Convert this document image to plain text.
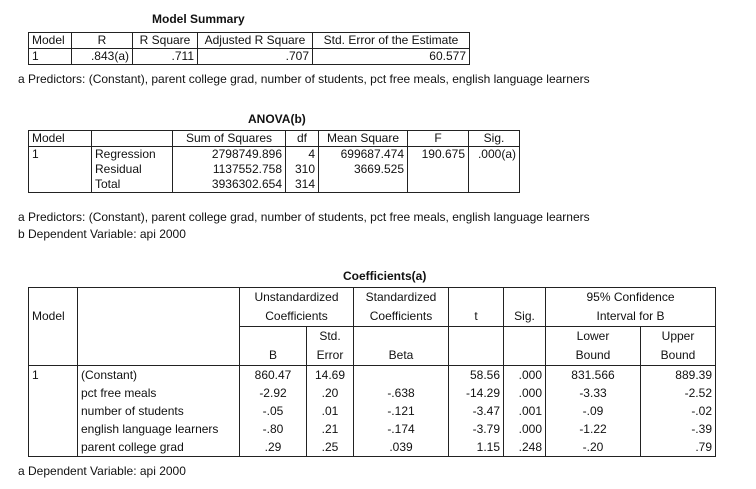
Model Summary
Model	R	R Square	Adjusted R Square	Std. Error of the Estimate
1	.843(a)	.711	.707	60.577
a Predictors: (Constant), parent college grad, number of students, pct free meals, english language learners
ANOVA(b)
Model		Sum of Squares	df	Mean Square	F	Sig.
1	Regression	2798749.896	4	699687.474	190.675	.000(a)
	Residual	1137552.758	310	3669.525		
	Total	3936302.654	314			
a Predictors: (Constant), parent college grad, number of students, pct free meals, english language learners
b Dependent Variable: api 2000
Coefficients(a)
		Unstandardized		Standardized			95% Confidence	
Model		Coefficients		Coefficients	t	Sig.	Interval for B	
			Std.				Lower	Upper
		B	Error	Beta			Bound	Bound
1	(Constant)	860.47	14.69		58.56	.000	831.566	889.39
	pct free meals	-2.92	.20	-.638	-14.29	.000	-3.33	-2.52
	number of students	-.05	.01	-.121	-3.47	.001	-.09	-.02
	english language learners	-.80	.21	-.174	-3.79	.000	-1.22	-.39
	parent college grad	.29	.25	.039	1.15	.248	-.20	.79
a Dependent Variable: api 2000
